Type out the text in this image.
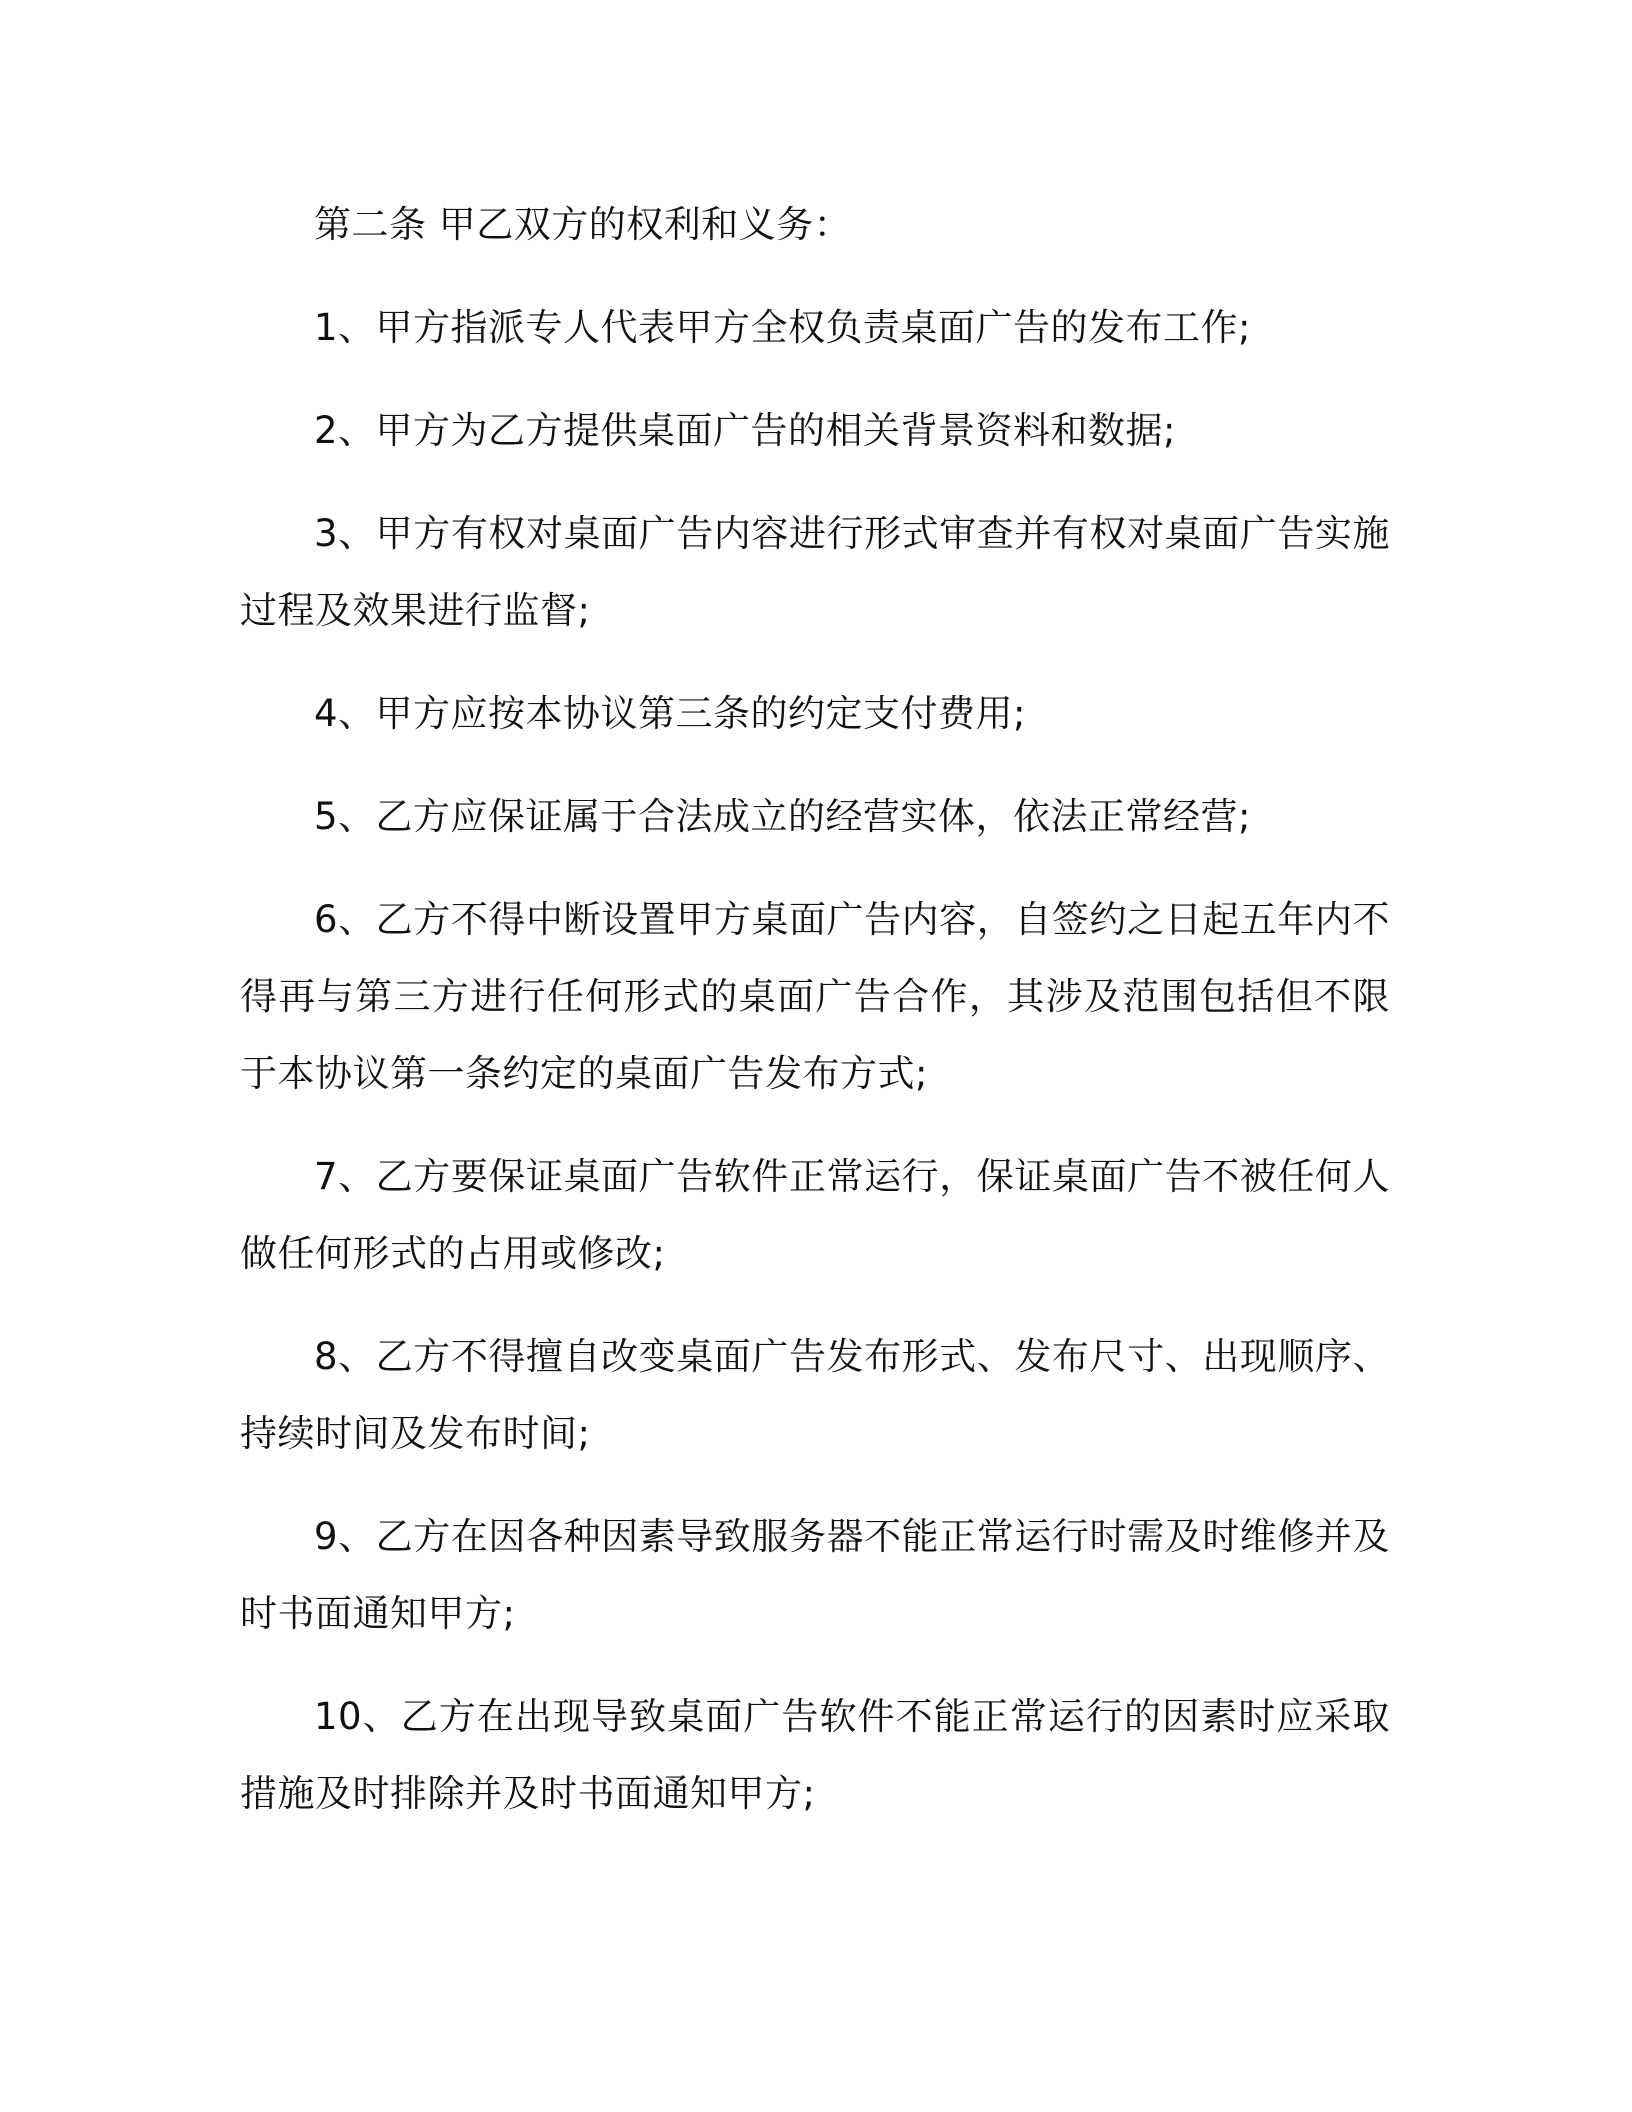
第二条 甲乙双方的权利和义务：

1、甲方指派专人代表甲方全权负责桌面广告的发布工作;

2、甲方为乙方提供桌面广告的相关背景资料和数据;

3、甲方有权对桌面广告内容进行形式审查并有权对桌面广告实施过程及效果进行监督;

4、甲方应按本协议第三条的约定支付费用;

5、乙方应保证属于合法成立的经营实体，依法正常经营;

6、乙方不得中断设置甲方桌面广告内容，自签约之日起五年内不得再与第三方进行任何形式的桌面广告合作，其涉及范围包括但不限于本协议第一条约定的桌面广告发布方式;

7、乙方要保证桌面广告软件正常运行，保证桌面广告不被任何人做任何形式的占用或修改;

8、乙方不得擅自改变桌面广告发布形式、发布尺寸、出现顺序、持续时间及发布时间;

9、乙方在因各种因素导致服务器不能正常运行时需及时维修并及时书面通知甲方;

10、乙方在出现导致桌面广告软件不能正常运行的因素时应采取措施及时排除并及时书面通知甲方;
